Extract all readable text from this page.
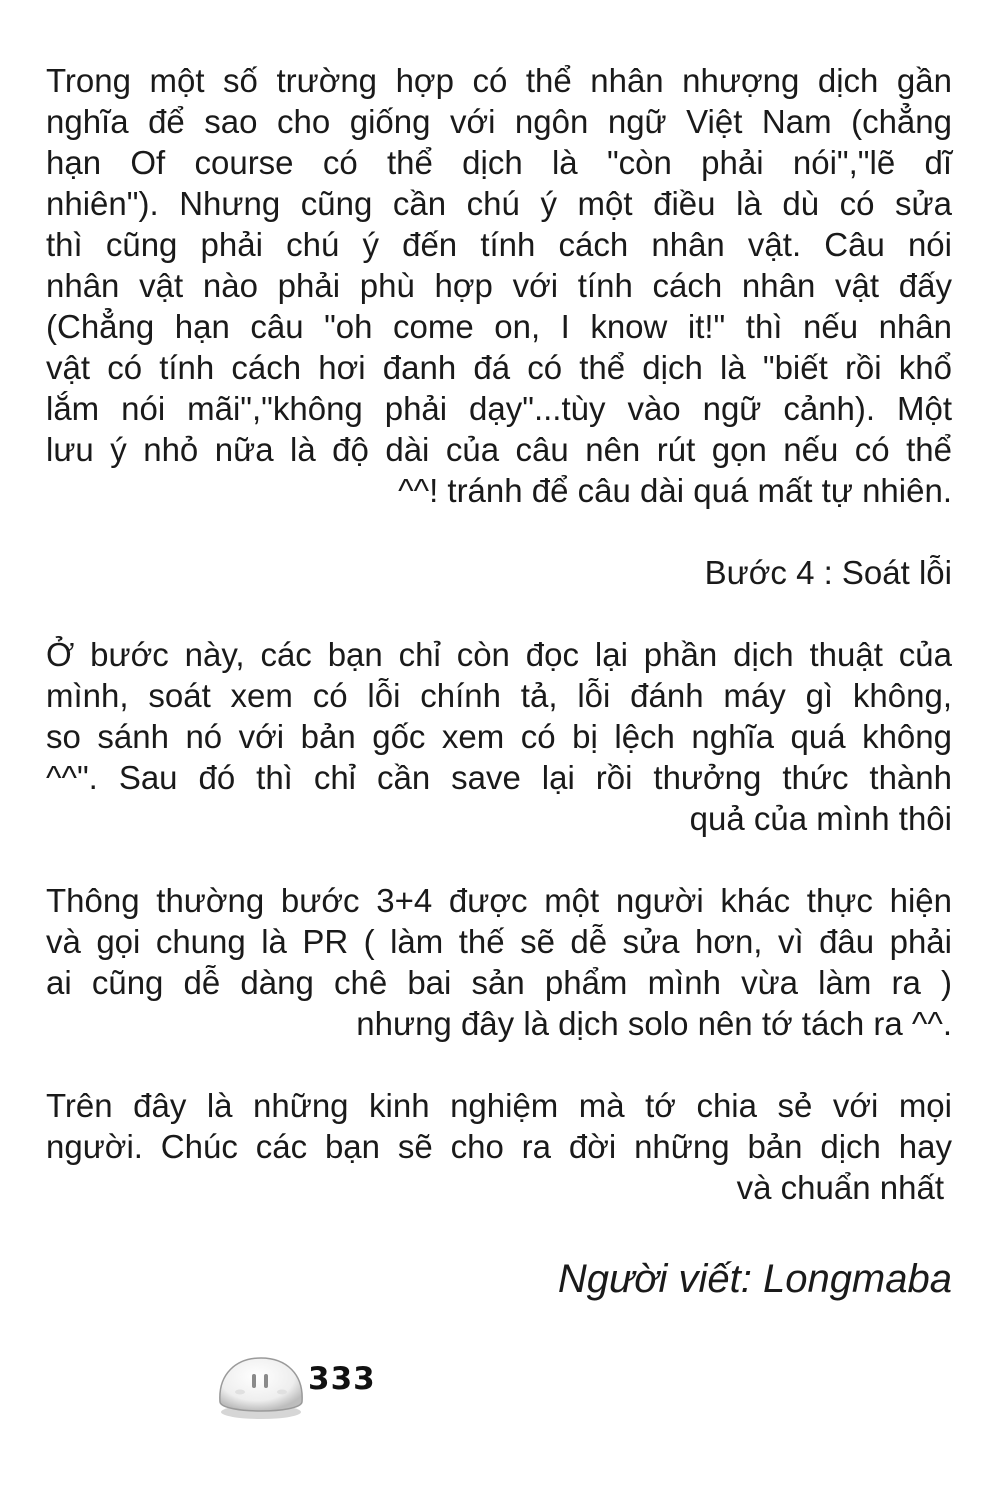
Trong một số trường hợp có thể nhân nhượng dịch gần
nghĩa để sao cho giống với ngôn ngữ Việt Nam (chẳng
hạn Of course có thể dịch là "còn phải nói","lẽ dĩ
nhiên"). Nhưng cũng cần chú ý một điều là dù có sửa
thì cũng phải chú ý đến tính cách nhân vật. Câu nói
nhân vật nào phải phù hợp với tính cách nhân vật đấy
(Chẳng hạn câu "oh come on, I know it!" thì nếu nhân
vật có tính cách hơi đanh đá có thể dịch là "biết rồi khổ
lắm nói mãi","không phải dạy"...tùy vào ngữ cảnh). Một
lưu ý nhỏ nữa là độ dài của câu nên rút gọn nếu có thể
^^! tránh để câu dài quá mất tự nhiên.

Bước 4 : Soát lỗi

Ở bước này, các bạn chỉ còn đọc lại phần dịch thuật của
mình, soát xem có lỗi chính tả, lỗi đánh máy gì không,
so sánh nó với bản gốc xem có bị lệch nghĩa quá không
^^". Sau đó thì chỉ cần save lại rồi thưởng thức thành
quả của mình thôi
Thông thường bước 3+4 được một người khác thực hiện
và gọi chung là PR ( làm thế sẽ dễ sửa hơn, vì đâu phải
ai cũng dễ dàng chê bai sản phẩm mình vừa làm ra )
nhưng đây là dịch solo nên tớ tách ra ^^.
Trên đây là những kinh nghiệm mà tớ chia sẻ với mọi
người. Chúc các bạn sẽ cho ra đời những bản dịch hay
và chuẩn nhất

Người viết: Longmaba

333
